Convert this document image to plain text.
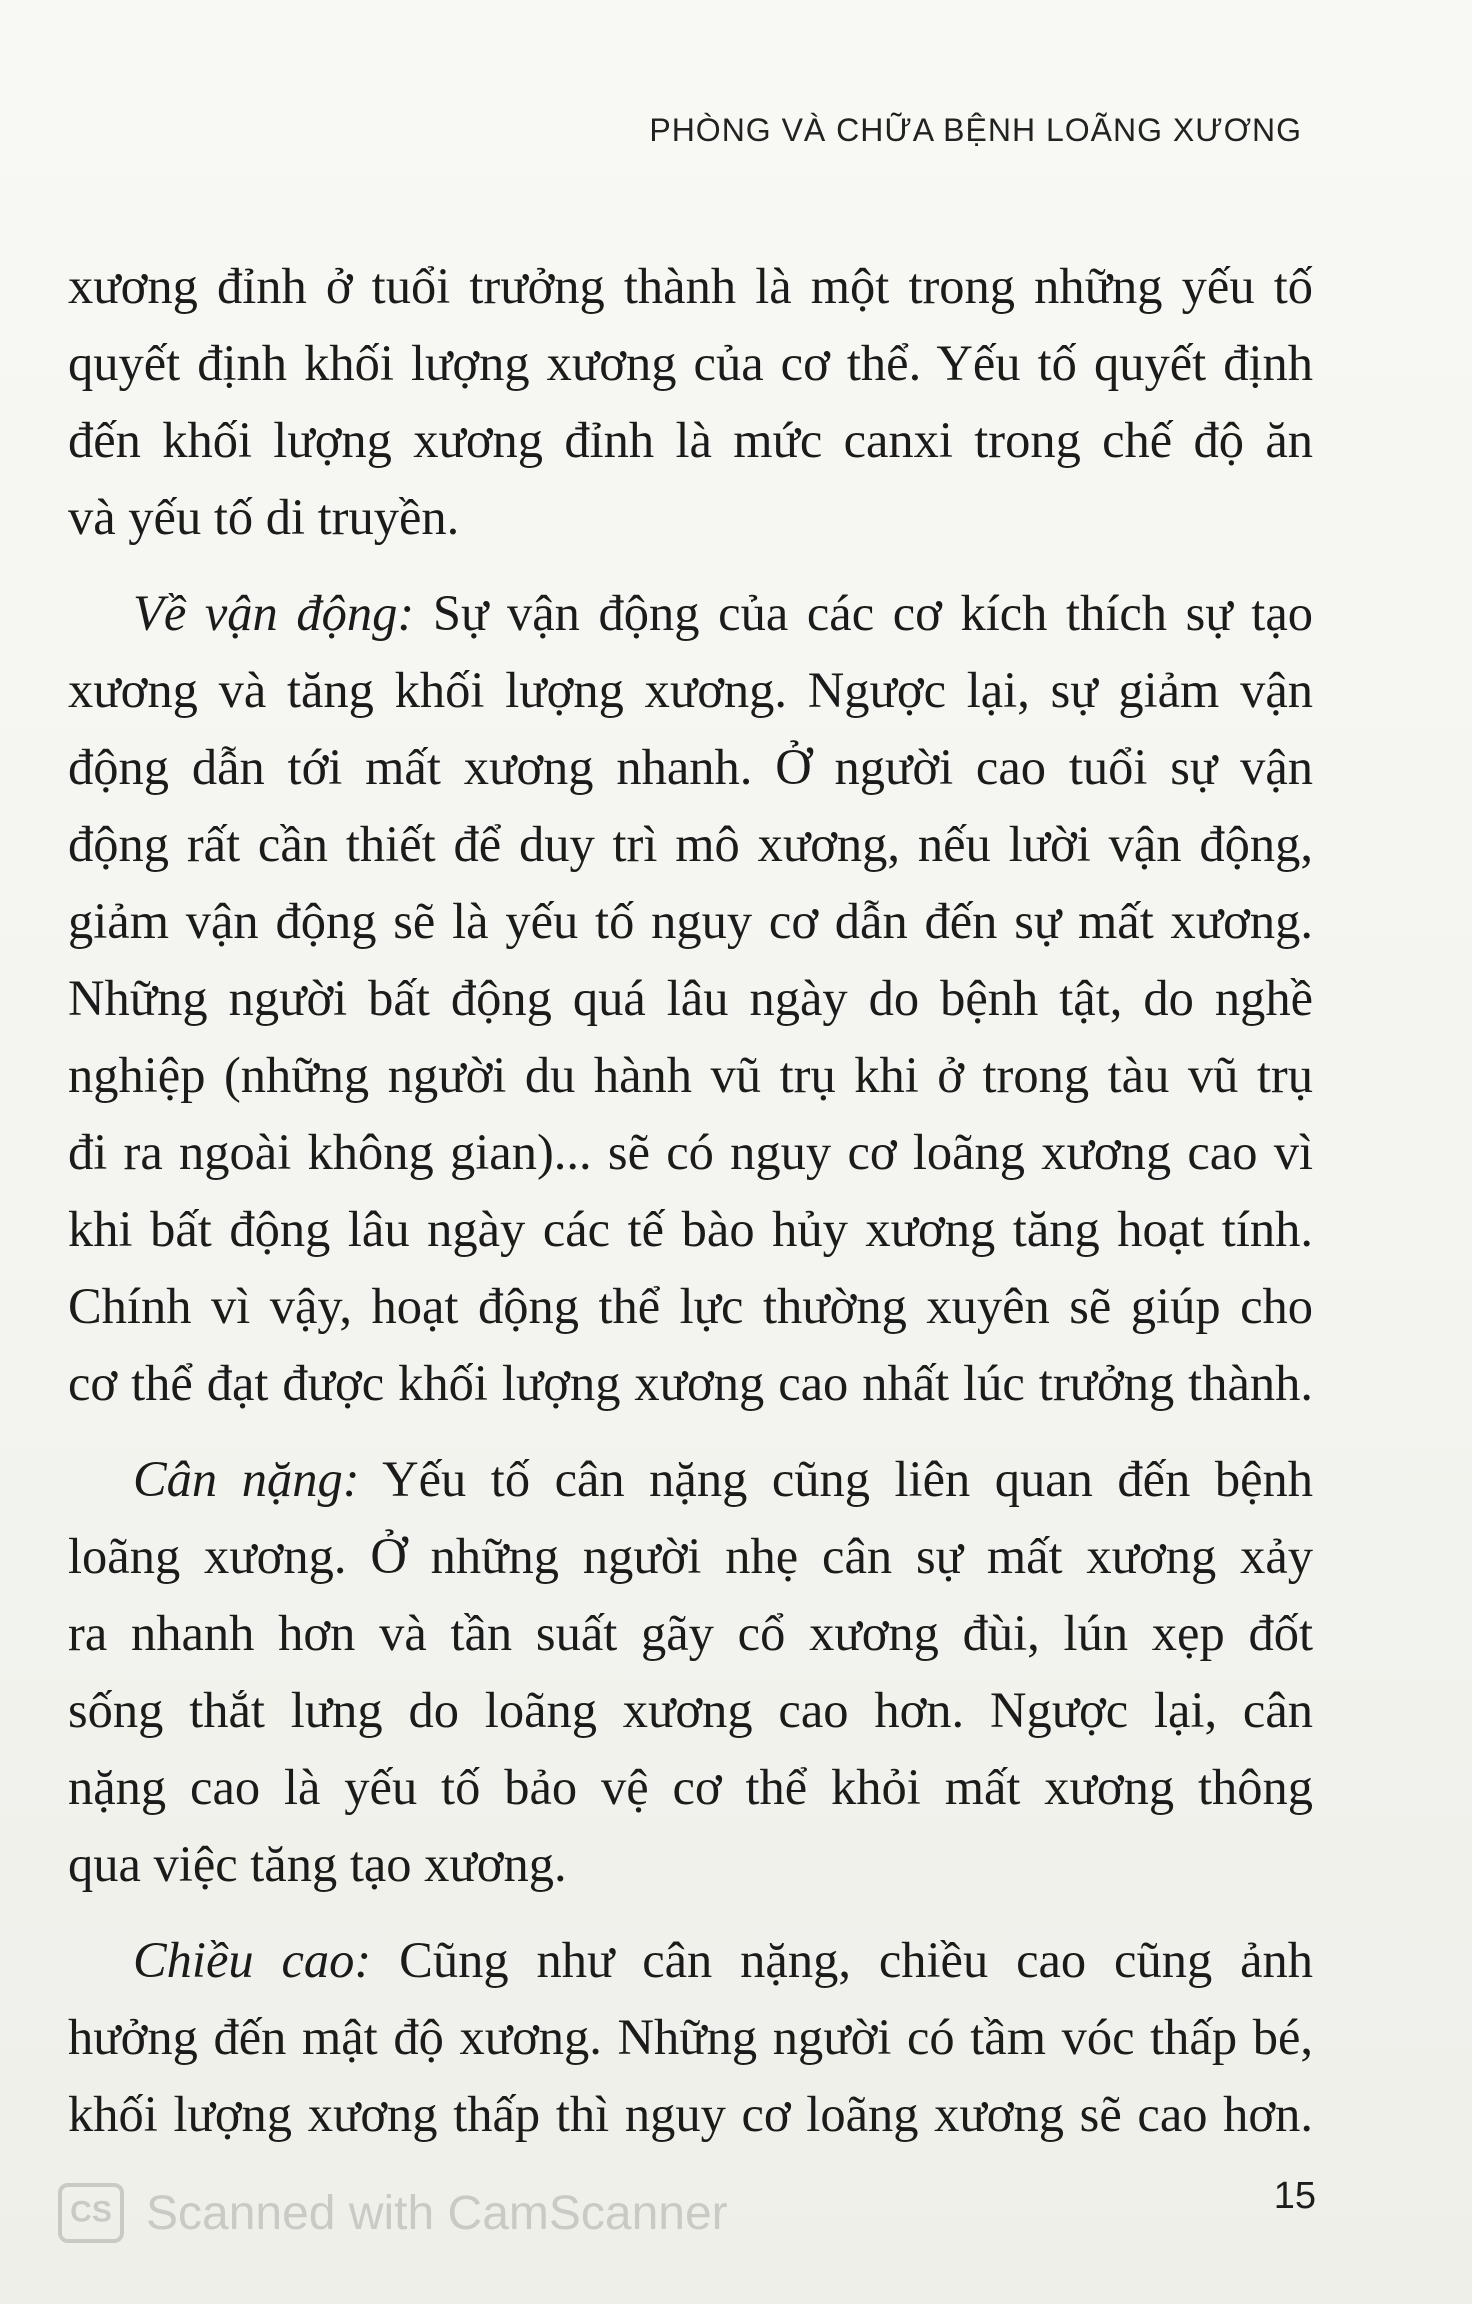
PHÒNG VÀ CHỮA BỆNH LOÃNG XƯƠNG
xương đỉnh ở tuổi trưởng thành là một trong những yếu tố
quyết định khối lượng xương của cơ thể. Yếu tố quyết định
đến khối lượng xương đỉnh là mức canxi trong chế độ ăn
và yếu tố di truyền.
Về vận động: Sự vận động của các cơ kích thích sự tạo
xương và tăng khối lượng xương. Ngược lại, sự giảm vận
động dẫn tới mất xương nhanh. Ở người cao tuổi sự vận
động rất cần thiết để duy trì mô xương, nếu lười vận động,
giảm vận động sẽ là yếu tố nguy cơ dẫn đến sự mất xương.
Những người bất động quá lâu ngày do bệnh tật, do nghề
nghiệp (những người du hành vũ trụ khi ở trong tàu vũ trụ
đi ra ngoài không gian)... sẽ có nguy cơ loãng xương cao vì
khi bất động lâu ngày các tế bào hủy xương tăng hoạt tính.
Chính vì vậy, hoạt động thể lực thường xuyên sẽ giúp cho
cơ thể đạt được khối lượng xương cao nhất lúc trưởng thành.
Cân nặng: Yếu tố cân nặng cũng liên quan đến bệnh
loãng xương. Ở những người nhẹ cân sự mất xương xảy
ra nhanh hơn và tần suất gãy cổ xương đùi, lún xẹp đốt
sống thắt lưng do loãng xương cao hơn. Ngược lại, cân
nặng cao là yếu tố bảo vệ cơ thể khỏi mất xương thông
qua việc tăng tạo xương.
Chiều cao: Cũng như cân nặng, chiều cao cũng ảnh
hưởng đến mật độ xương. Những người có tầm vóc thấp bé,
khối lượng xương thấp thì nguy cơ loãng xương sẽ cao hơn.
CS Scanned with CamScanner	15
